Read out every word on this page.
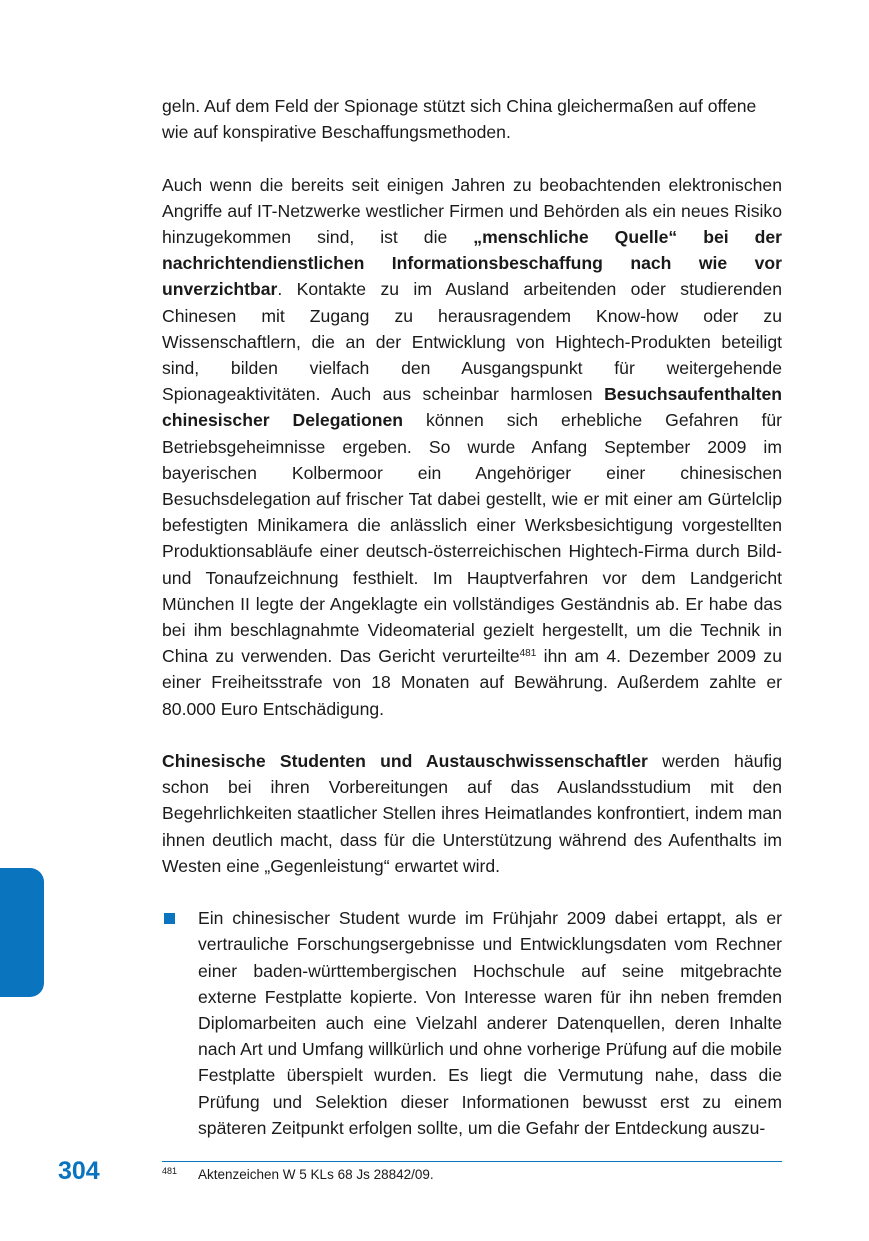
geln. Auf dem Feld der Spionage stützt sich China gleichermaßen auf offene wie auf konspirative Beschaffungsmethoden.

Auch wenn die bereits seit einigen Jahren zu beobachtenden elektronischen Angriffe auf IT-Netzwerke westlicher Firmen und Behörden als ein neues Risiko hinzugekommen sind, ist die „menschliche Quelle“ bei der nachrichtendienstlichen Informationsbeschaffung nach wie vor unverzichtbar. Kontakte zu im Ausland arbeitenden oder studierenden Chinesen mit Zugang zu herausragendem Know-how oder zu Wissenschaftlern, die an der Entwicklung von Hightech-Produkten beteiligt sind, bilden vielfach den Ausgangspunkt für weitergehende Spionageaktivitäten. Auch aus scheinbar harmlosen Besuchsaufenthalten chinesischer Delegationen können sich erhebliche Gefahren für Betriebsgeheimnisse ergeben. So wurde Anfang September 2009 im bayerischen Kolbermoor ein Angehöriger einer chinesischen Besuchsdelegation auf frischer Tat dabei gestellt, wie er mit einer am Gürtelclip befestigten Minikamera die anlässlich einer Werksbesichtigung vorgestellten Produktionsabläufe einer deutsch-österreichischen Hightech-Firma durch Bild- und Tonaufzeichnung festhielt. Im Hauptverfahren vor dem Landgericht München II legte der Angeklagte ein vollständiges Geständnis ab. Er habe das bei ihm beschlagnahmte Videomaterial gezielt hergestellt, um die Technik in China zu verwenden. Das Gericht verurteilte$^{481}$ ihn am 4. Dezember 2009 zu einer Freiheitsstrafe von 18 Monaten auf Bewährung. Außerdem zahlte er 80.000 Euro Entschädigung.

Chinesische Studenten und Austauschwissenschaftler werden häufig schon bei ihren Vorbereitungen auf das Auslandsstudium mit den Begehrlichkeiten staatlicher Stellen ihres Heimatlandes konfrontiert, indem man ihnen deutlich macht, dass für die Unterstützung während des Aufenthalts im Westen eine „Gegenleistung“ erwartet wird.

Ein chinesischer Student wurde im Frühjahr 2009 dabei ertappt, als er vertrauliche Forschungsergebnisse und Entwicklungsdaten vom Rechner einer baden-württembergischen Hochschule auf seine mitgebrachte externe Festplatte kopierte. Von Interesse waren für ihn neben fremden Diplomarbeiten auch eine Vielzahl anderer Datenquellen, deren Inhalte nach Art und Umfang willkürlich und ohne vorherige Prüfung auf die mobile Festplatte überspielt wurden. Es liegt die Vermutung nahe, dass die Prüfung und Selektion dieser Informationen bewusst erst zu einem späteren Zeitpunkt erfolgen sollte, um die Gefahr der Entdeckung auszu-
304	481 Aktenzeichen W 5 KLs 68 Js 28842/09.
